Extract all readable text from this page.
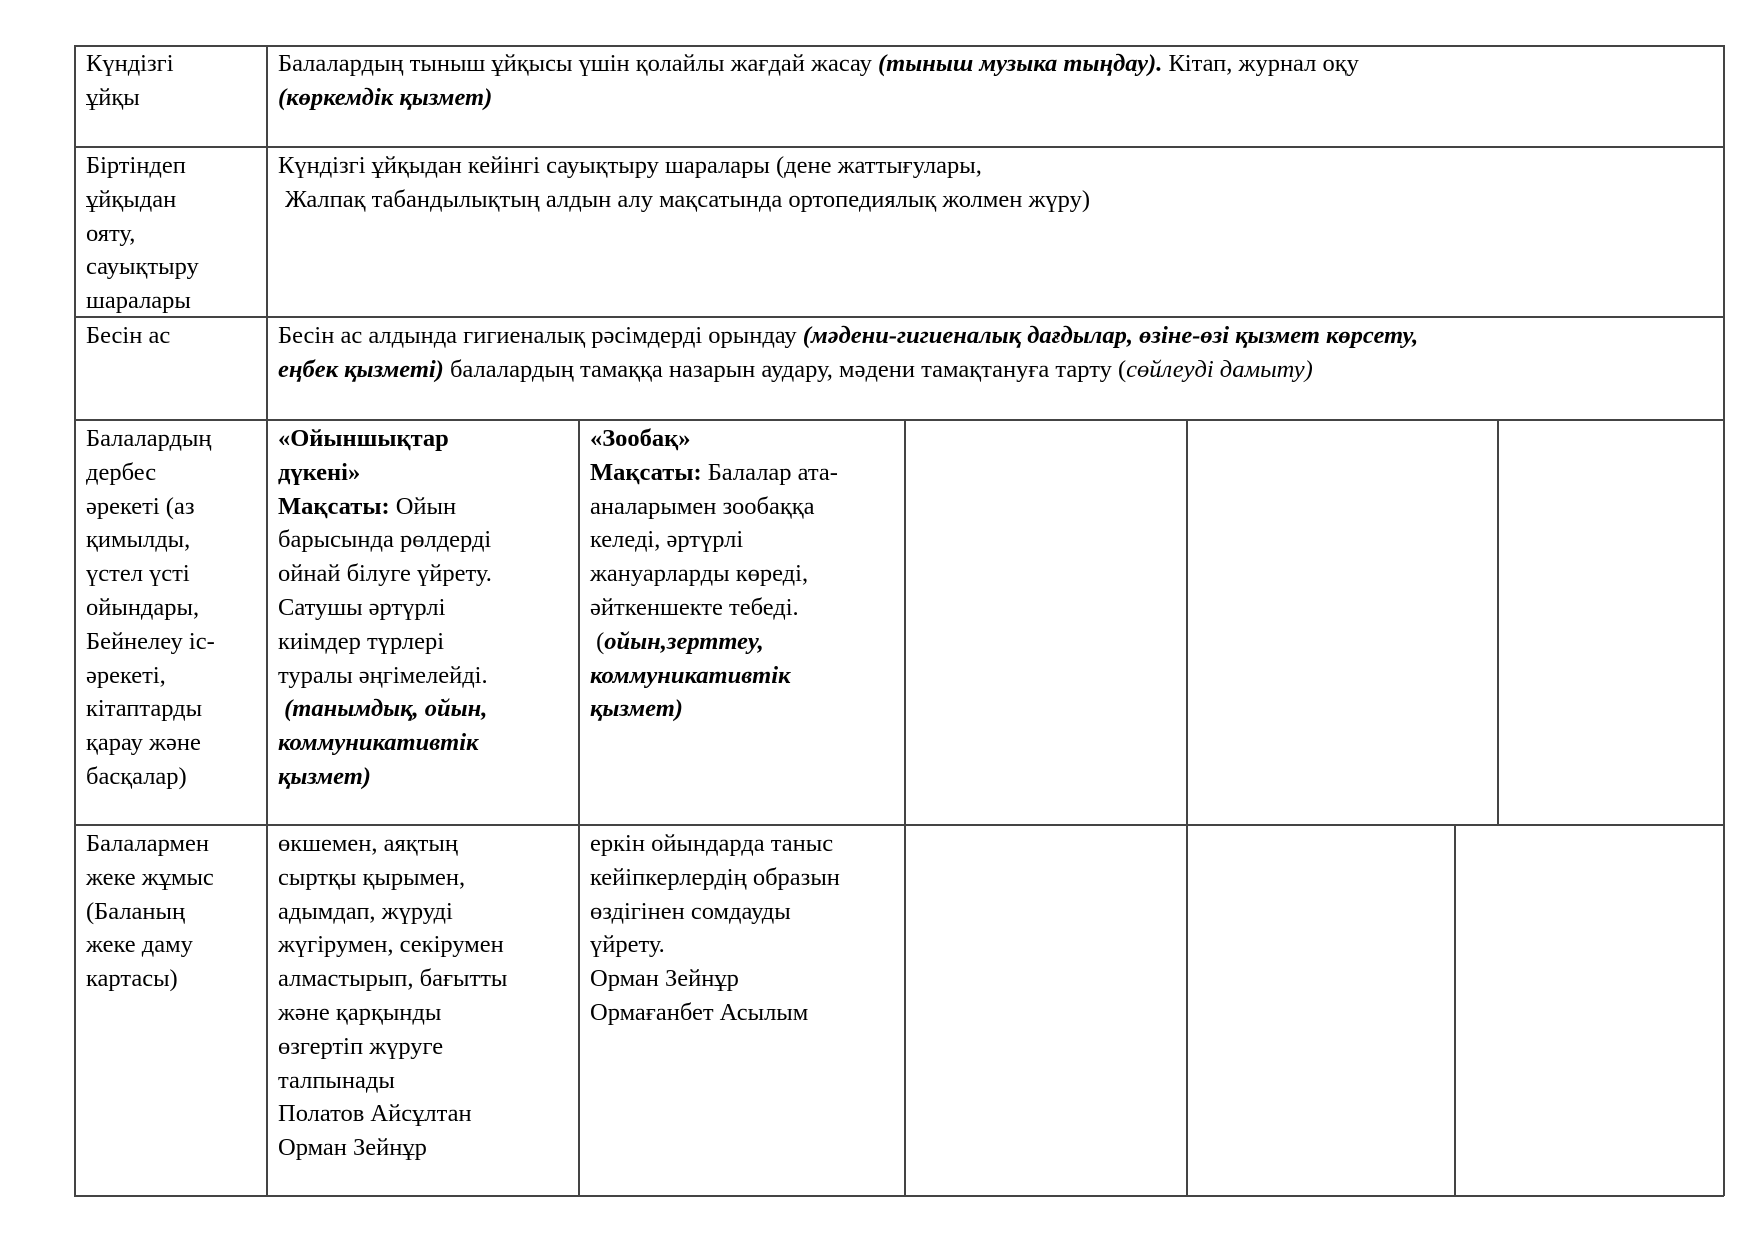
Күндізгі
ұйқы
Балалардың тыныш ұйқысы үшін қолайлы жағдай жасау (тыныш музыка тыңдау). Кітап, журнал оқу
(көркемдік қызмет)
Біртіндеп
ұйқыдан
ояту,
сауықтыру
шаралары
Күндізгі ұйқыдан кейінгі сауықтыру шаралары (дене жаттығулары,
Жалпақ табандылықтың алдын алу мақсатында ортопедиялық жолмен жүру)
Бесін ас	Бесін ас алдында гигиеналық рәсімдерді орындау (мәдени-гигиеналық дағдылар, өзіне-өзі қызмет көрсету,
еңбек қызметі) балалардың тамаққа назарын аудару, мәдени тамақтануға тарту (сөйлеуді дамыту)
Балалардың
дербес
әрекеті (аз
қимылды,
үстел үсті
ойындары,
Бейнелеу іс-
әрекеті,
кітаптарды
қарау және
басқалар)
«Ойыншықтар
дүкені»
Мақсаты: Ойын
барысында рөлдерді
ойнай білуге үйрету.
Сатушы әртүрлі
киімдер түрлері
туралы әңгімелейді.
(танымдық, ойын,
коммуникативтік
қызмет)
«Зообақ»
Мақсаты: Балалар ата-
аналарымен зообаққа
келеді, әртүрлі
жануарларды көреді,
әйткеншекте тебеді.
(ойын,зерттеу,
коммуникативтік
қызмет)
Балалармен
жеке жұмыс
(Баланың
жеке даму
картасы)
өкшемен, аяқтың
сыртқы қырымен,
адымдап, жүруді
жүгірумен, секірумен
алмастырып, бағытты
және қарқынды
өзгертіп жүруге
талпынады
Полатов Айсұлтан
Орман Зейнұр
еркін ойындарда таныс
кейіпкерлердің образын
өздігінен сомдауды
үйрету.
Орман Зейнұр
Ормағанбет Асылым
